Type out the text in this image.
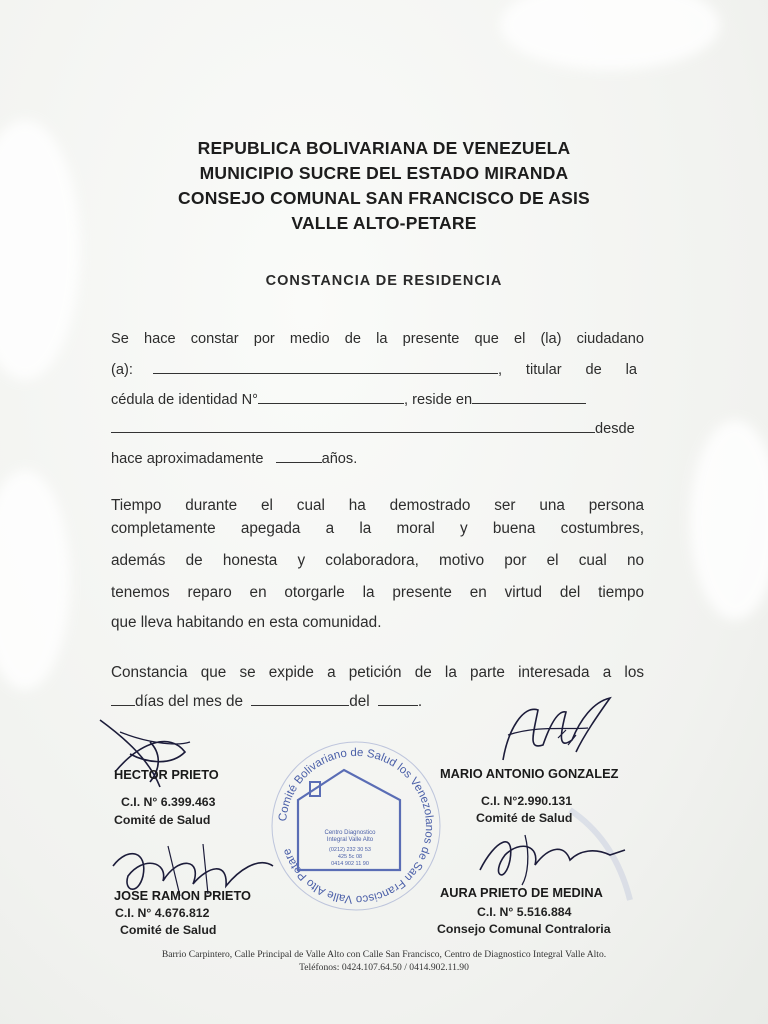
REPUBLICA BOLIVARIANA DE VENEZUELA
MUNICIPIO SUCRE DEL ESTADO MIRANDA
CONSEJO COMUNAL SAN FRANCISCO DE ASIS
VALLE ALTO-PETARE
CONSTANCIA DE RESIDENCIA
Se hace constar por medio de la presente que el (la) ciudadano
(a):	, titular de la
cédula de identidad N°	, reside en
desde
hace aproximadamente	años.
Tiempo durante el cual ha demostrado ser una persona
completamente apegada a la moral y buena costumbres,
además de honesta y colaboradora, motivo por el cual no
tenemos reparo en otorgarle la presente en virtud del tiempo
que lleva habitando en esta comunidad.
Constancia que se expide a petición de la parte interesada a los
días del mes de	del	.
Comité Bolivariano de Salud los Venezolanos de San Francisco Valle Alto Petare
Centro Diagnostico
Integral Valle Alto
(0212) 232 30 53
425 5c 08
0414 902 11 90
HECTOR PRIETO
C.I. N° 6.399.463
Comité de Salud
MARIO ANTONIO GONZALEZ
C.I. N°2.990.131
Comité de Salud
JOSE RAMON PRIETO
C.I. N° 4.676.812
Comité de Salud
AURA PRIETO DE MEDINA
C.I. N° 5.516.884
Consejo Comunal Contraloria
Barrio Carpintero, Calle Principal de Valle Alto con Calle San Francisco, Centro de Diagnostico Integral Valle Alto.
Teléfonos: 0424.107.64.50 / 0414.902.11.90
